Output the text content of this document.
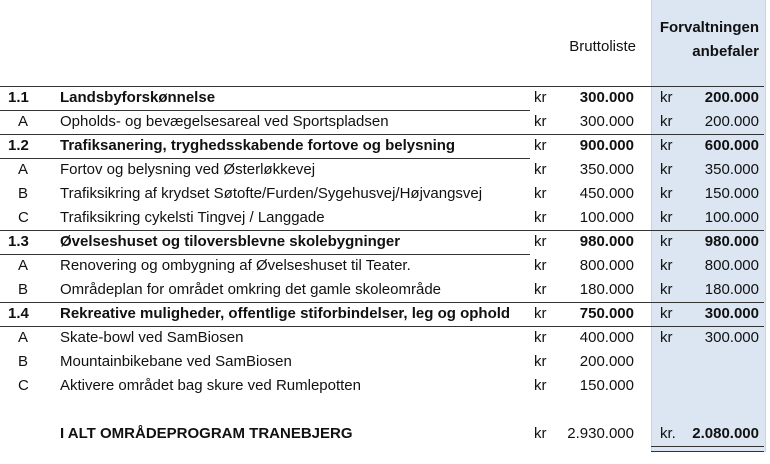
Bruttoliste
Forvaltningen
anbefaler
1.1	Landsbyforskønnelse	kr	300.000 kr	200.000
A	Opholds- og bevægelsesareal ved Sportspladsen	kr	300.000 kr	200.000
1.2	Trafiksanering, tryghedsskabende fortove og belysning	kr	900.000 kr	600.000
A	Fortov og belysning ved Østerløkkevej	kr	350.000 kr	350.000
B	Trafiksikring af krydset Søtofte/Furden/Sygehusvej/Højvangsvej	kr	450.000 kr	150.000
C	Trafiksikring cykelsti Tingvej / Langgade	kr	100.000 kr	100.000
1.3	Øvelseshuset og tiloversblevne skolebygninger	kr	980.000 kr	980.000
A	Renovering og ombygning af Øvelseshuset til Teater.	kr	800.000 kr	800.000
B	Områdeplan for området omkring det gamle skoleområde	kr	180.000 kr	180.000
1.4	Rekreative muligheder, offentlige stiforbindelser, leg og ophold kr	750.000 kr	300.000
A	Skate-bowl ved SamBiosen	kr	400.000 kr	300.000
B	Mountainbikebane ved SamBiosen	kr	200.000
C	Aktivere området bag skure ved Rumlepotten	kr	150.000
I ALT OMRÅDEPROGRAM TRANEBJERG	kr	2.930.000 kr.	2.080.000
